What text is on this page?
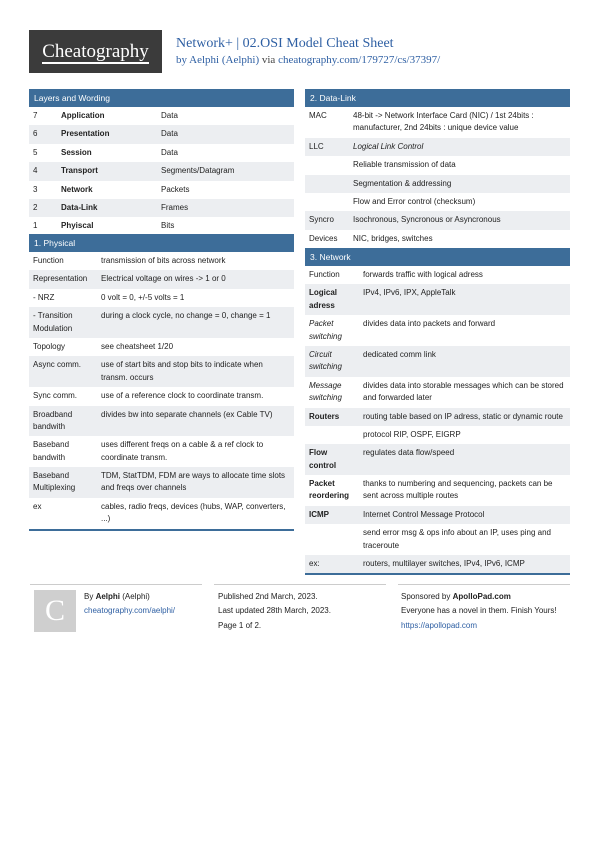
Cheatography	Network+ | 02.OSI Model Cheat Sheet
by Aelphi (Aelphi) via cheatography.com/179727/cs/37397/
Layers and Wording
7	Application	Data
6	Presentation	Data
5	Session	Data
4	Transport	Segments/Datagram
3	Network	Packets
2	Data-Link	Frames
1	Phyiscal	Bits
1. Physical
Function	transmission of bits across network
Representation	Electrical voltage on wires -> 1 or 0
- NRZ	0 volt = 0, +/-5 volts = 1
- Transition Modulation	during a clock cycle, no change = 0, change = 1
Topology	see cheatsheet 1/20
Async comm.	use of start bits and stop bits to indicate when transm. occurs
Sync comm.	use of a reference clock to coordinate transm.
Broadband bandwith	divides bw into separate channels (ex Cable TV)
Baseband bandwith	uses different freqs on a cable & a ref clock to coordinate transm.
Baseband Multiplexing	TDM, StatTDM, FDM are ways to allocate time slots and freqs over channels
ex	cables, radio freqs, devices (hubs, WAP, converters, ...)
2. Data-Link
MAC	48-bit -> Network Interface Card (NIC) / 1st 24bits : manufacturer, 2nd 24bits : unique device value
LLC	Logical Link Control
	Reliable transmission of data
	Segmentation & addressing
	Flow and Error control (checksum)
Syncro	Isochronous, Syncronous or Asyncronous
Devices	NIC, bridges, switches
3. Network
Function	forwards traffic with logical adress
Logical adress	IPv4, IPv6, IPX, AppleTalk
Packet switching	divides data into packets and forward
Circuit switching	dedicated comm link
Message switching	divides data into storable messages which can be stored and forwarded later
Routers	routing table based on IP adress, static or dynamic route
	protocol RIP, OSPF, EIGRP
Flow control	regulates data flow/speed
Packet reordering	thanks to numbering and sequencing, packets can be sent across multiple routes
ICMP	Internet Control Message Protocol
	send error msg & ops info about an IP, uses ping and traceroute
ex:	routers, multilayer switches, IPv4, IPv6, ICMP
C	By Aelphi (Aelphi)
cheatography.com/aelphi/
Published 2nd March, 2023.
Last updated 28th March, 2023.
Page 1 of 2.
Sponsored by ApolloPad.com
Everyone has a novel in them. Finish Yours!
https://apollopad.com
